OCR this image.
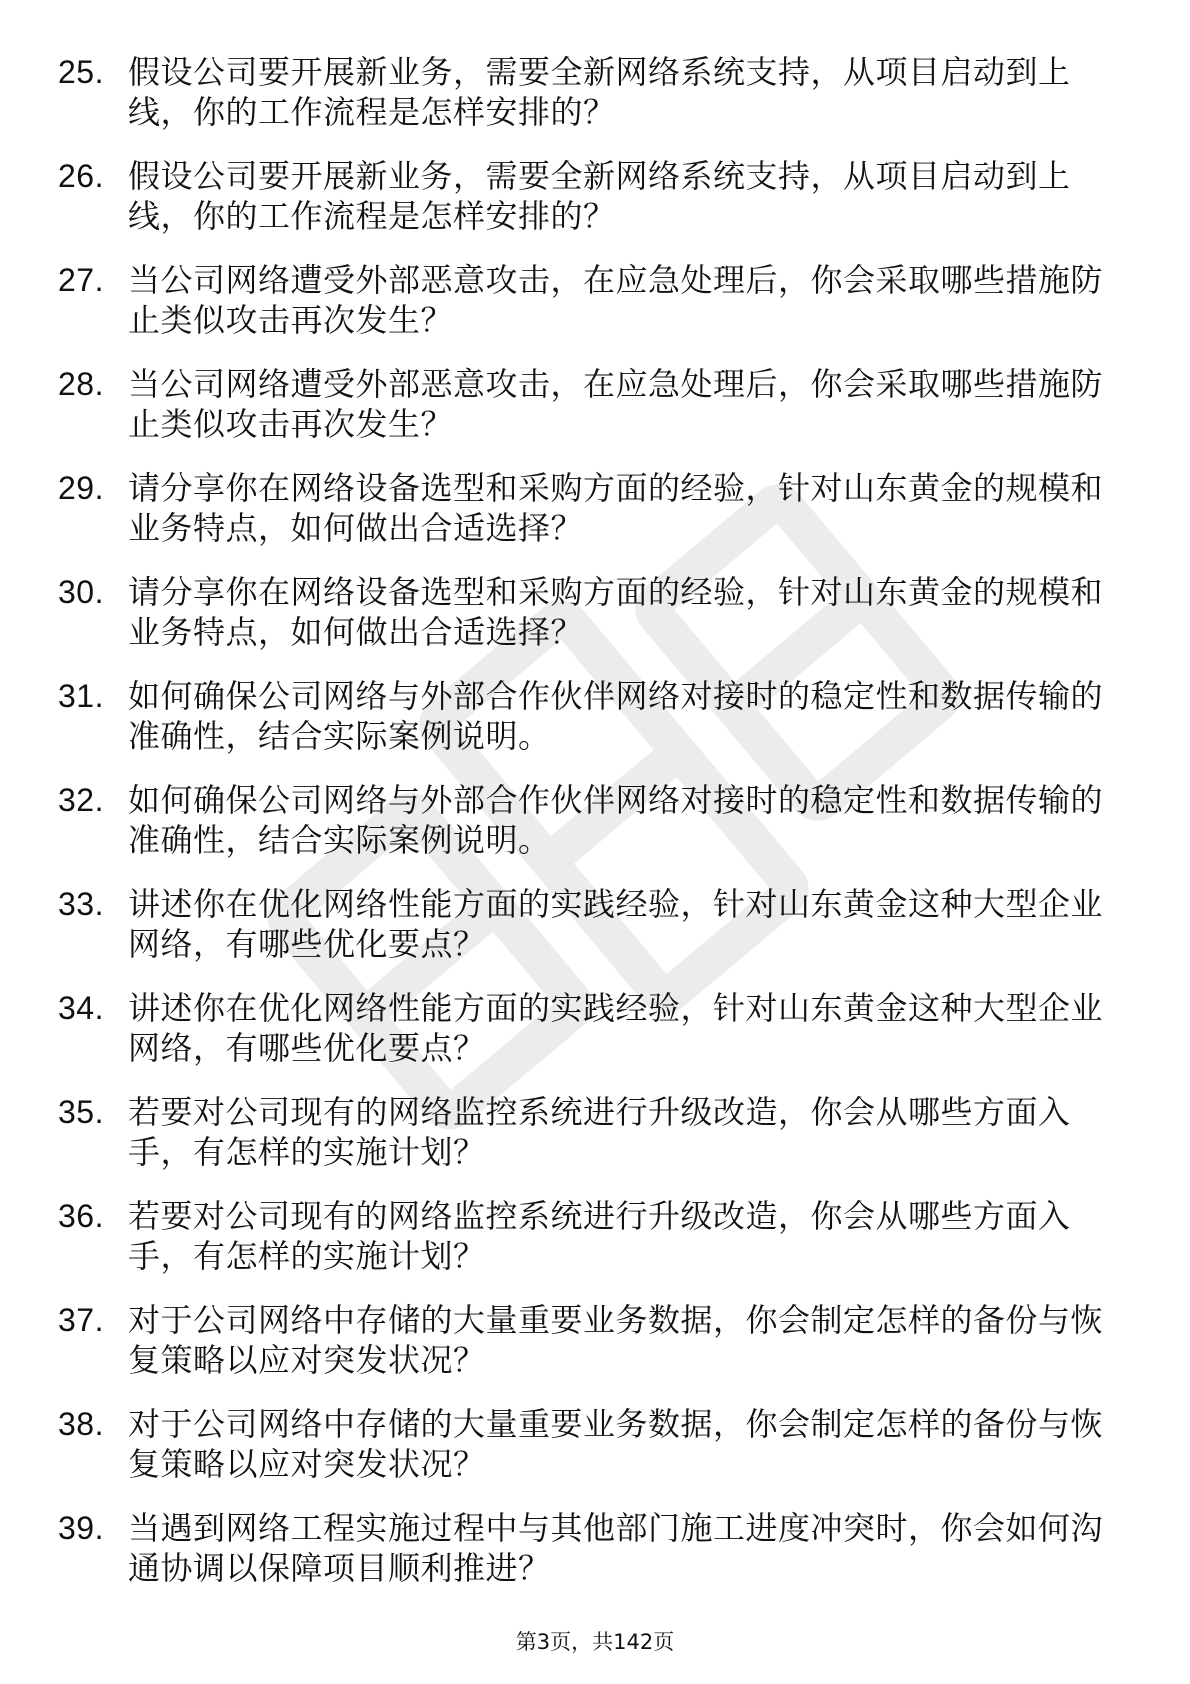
25. 假设公司要开展新业务，需要全新网络系统支持，从项目启动到上线，你的工作流程是怎样安排的？
26. 假设公司要开展新业务，需要全新网络系统支持，从项目启动到上线，你的工作流程是怎样安排的？
27. 当公司网络遭受外部恶意攻击，在应急处理后，你会采取哪些措施防止类似攻击再次发生？
28. 当公司网络遭受外部恶意攻击，在应急处理后，你会采取哪些措施防止类似攻击再次发生？
29. 请分享你在网络设备选型和采购方面的经验，针对山东黄金的规模和业务特点，如何做出合适选择？
30. 请分享你在网络设备选型和采购方面的经验，针对山东黄金的规模和业务特点，如何做出合适选择？
31. 如何确保公司网络与外部合作伙伴网络对接时的稳定性和数据传输的准确性，结合实际案例说明。
32. 如何确保公司网络与外部合作伙伴网络对接时的稳定性和数据传输的准确性，结合实际案例说明。
33. 讲述你在优化网络性能方面的实践经验，针对山东黄金这种大型企业网络，有哪些优化要点？
34. 讲述你在优化网络性能方面的实践经验，针对山东黄金这种大型企业网络，有哪些优化要点？
35. 若要对公司现有的网络监控系统进行升级改造，你会从哪些方面入手，有怎样的实施计划？
36. 若要对公司现有的网络监控系统进行升级改造，你会从哪些方面入手，有怎样的实施计划？
37. 对于公司网络中存储的大量重要业务数据，你会制定怎样的备份与恢复策略以应对突发状况？
38. 对于公司网络中存储的大量重要业务数据，你会制定怎样的备份与恢复策略以应对突发状况？
39. 当遇到网络工程实施过程中与其他部门施工进度冲突时，你会如何沟通协调以保障项目顺利推进？
第3页，共142页
